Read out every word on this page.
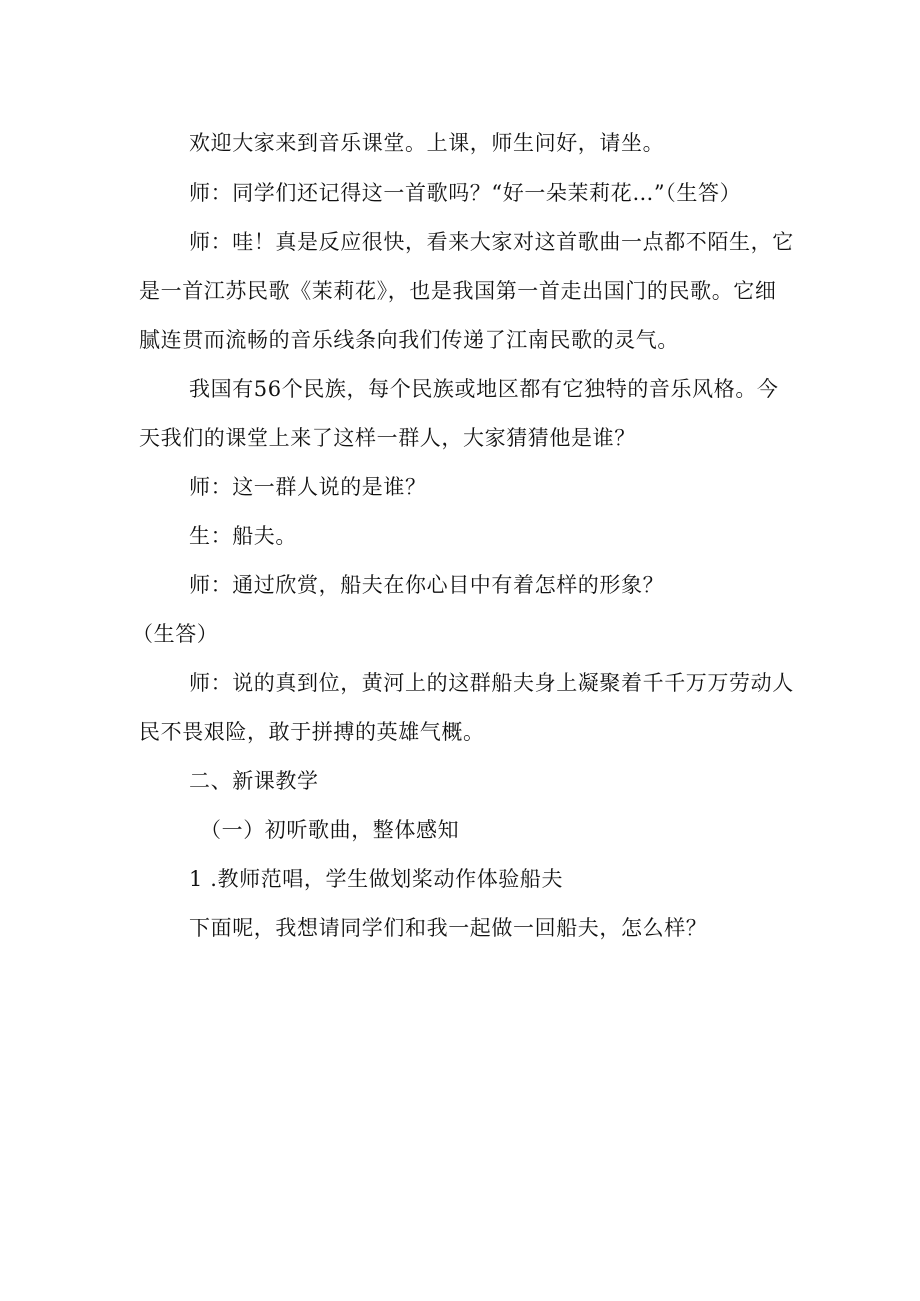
欢迎大家来到音乐课堂。上课，师生问好，请坐。
师：同学们还记得这一首歌吗？“好一朵茉莉花…”（生答）
师：哇！真是反应很快，看来大家对这首歌曲一点都不陌生，它
是一首江苏民歌《茉莉花》，也是我国第一首走出国门的民歌。它细
腻连贯而流畅的音乐线条向我们传递了江南民歌的灵气。
我国有56个民族，每个民族或地区都有它独特的音乐风格。今
天我们的课堂上来了这样一群人，大家猜猜他是谁？
师：这一群人说的是谁？
生：船夫。
师：通过欣赏，船夫在你心目中有着怎样的形象？
（生答）
师：说的真到位，黄河上的这群船夫身上凝聚着千千万万劳动人
民不畏艰险，敢于拼搏的英雄气概。
二、新课教学
（一）初听歌曲，整体感知
1 .教师范唱，学生做划桨动作体验船夫
下面呢，我想请同学们和我一起做一回船夫，怎么样？
